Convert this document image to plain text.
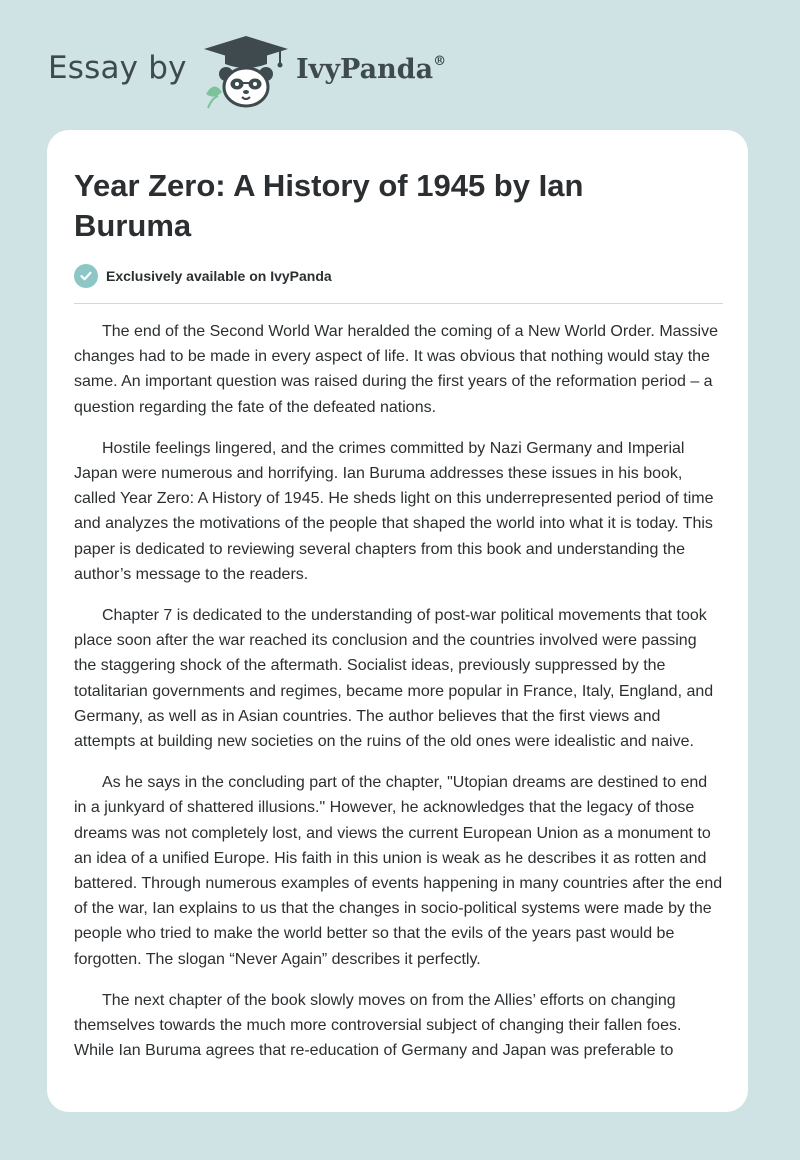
Essay by	IvyPanda®
Year Zero: A History of 1945 by Ian Buruma
Exclusively available on IvyPanda

The end of the Second World War heralded the coming of a New World Order. Massive changes had to be made in every aspect of life. It was obvious that nothing would stay the same. An important question was raised during the first years of the reformation period – a question regarding the fate of the defeated nations.

Hostile feelings lingered, and the crimes committed by Nazi Germany and Imperial Japan were numerous and horrifying. Ian Buruma addresses these issues in his book, called Year Zero: A History of 1945. He sheds light on this underrepresented period of time and analyzes the motivations of the people that shaped the world into what it is today. This paper is dedicated to reviewing several chapters from this book and understanding the author’s message to the readers.

Chapter 7 is dedicated to the understanding of post-war political movements that took place soon after the war reached its conclusion and the countries involved were passing the staggering shock of the aftermath. Socialist ideas, previously suppressed by the totalitarian governments and regimes, became more popular in France, Italy, England, and Germany, as well as in Asian countries. The author believes that the first views and attempts at building new societies on the ruins of the old ones were idealistic and naive.

As he says in the concluding part of the chapter, "Utopian dreams are destined to end in a junkyard of shattered illusions." However, he acknowledges that the legacy of those dreams was not completely lost, and views the current European Union as a monument to an idea of a unified Europe. His faith in this union is weak as he describes it as rotten and battered. Through numerous examples of events happening in many countries after the end of the war, Ian explains to us that the changes in socio-political systems were made by the people who tried to make the world better so that the evils of the years past would be forgotten. The slogan “Never Again” describes it perfectly.

The next chapter of the book slowly moves on from the Allies’ efforts on changing themselves towards the much more controversial subject of changing their fallen foes. While Ian Buruma agrees that re-education of Germany and Japan was preferable to
